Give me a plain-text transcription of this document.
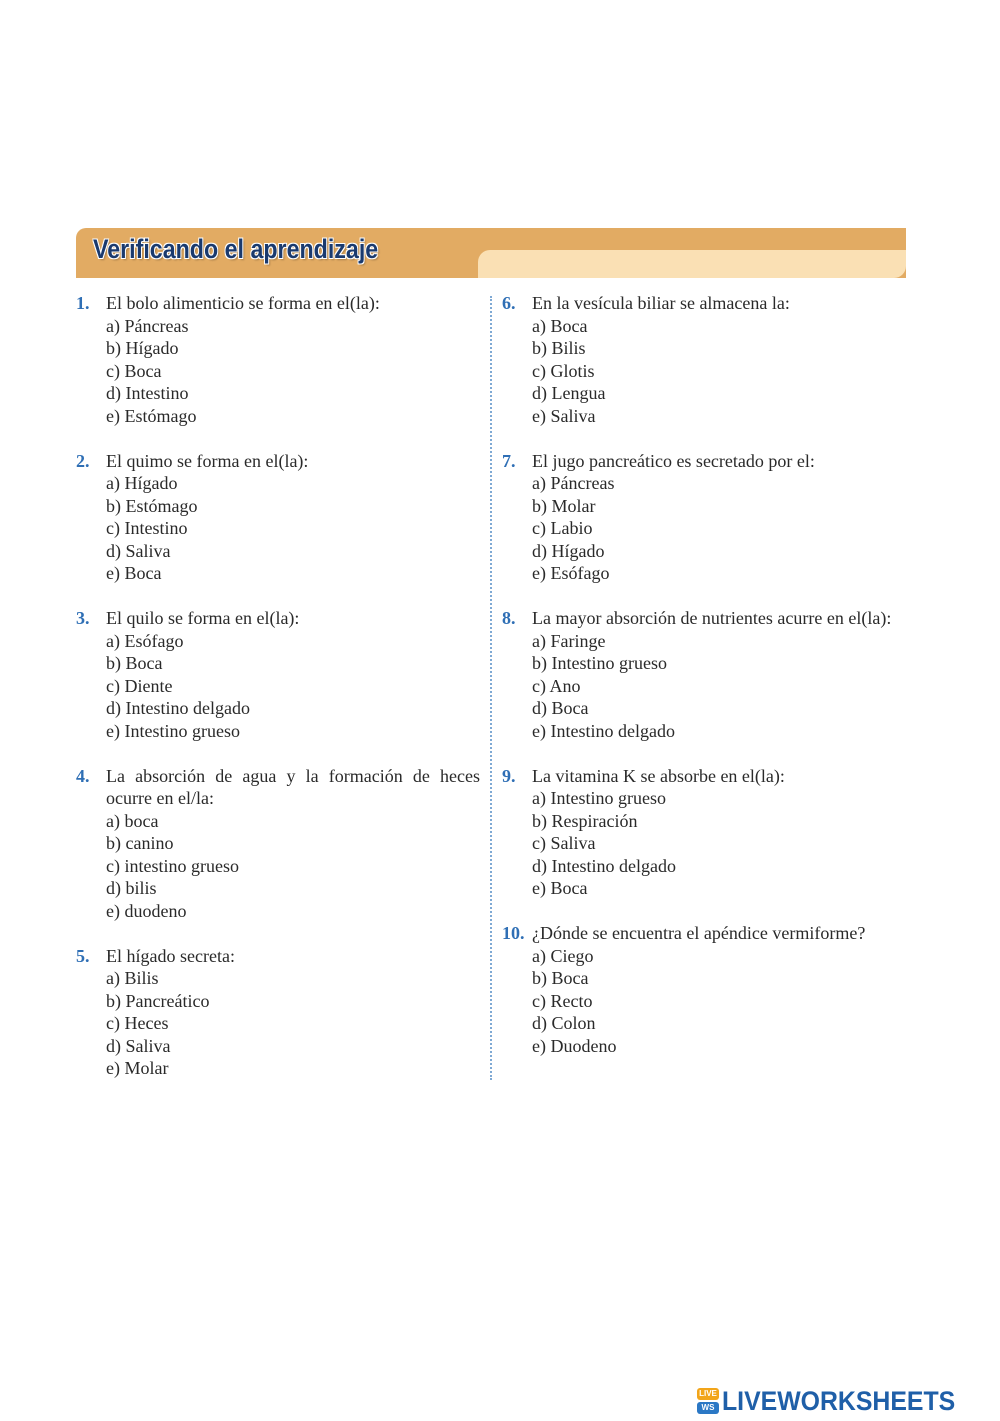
Verificando el aprendizaje
1. El bolo alimenticio se forma en el(la):
a) Páncreas
b) Hígado
c) Boca
d) Intestino
e) Estómago
2. El quimo se forma en el(la):
a) Hígado
b) Estómago
c) Intestino
d) Saliva
e) Boca
3. El quilo se forma en el(la):
a) Esófago
b) Boca
c) Diente
d) Intestino delgado
e) Intestino grueso
4. La absorción de agua y la formación de heces ocurre en el/la:
a) boca
b) canino
c) intestino grueso
d) bilis
e) duodeno
5. El hígado secreta:
a) Bilis
b) Pancreático
c) Heces
d) Saliva
e) Molar
6. En la vesícula biliar se almacena la:
a) Boca
b) Bilis
c) Glotis
d) Lengua
e) Saliva
7. El jugo pancreático es secretado por el:
a) Páncreas
b) Molar
c) Labio
d) Hígado
e) Esófago
8. La mayor absorción de nutrientes acurre en el(la):
a) Faringe
b) Intestino grueso
c) Ano
d) Boca
e) Intestino delgado
9. La vitamina K se absorbe en el(la):
a) Intestino grueso
b) Respiración
c) Saliva
d) Intestino delgado
e) Boca
10. ¿Dónde se encuentra el apéndice vermiforme?
a) Ciego
b) Boca
c) Recto
d) Colon
e) Duodeno
LIVE
WS LIVEWORKSHEETS
